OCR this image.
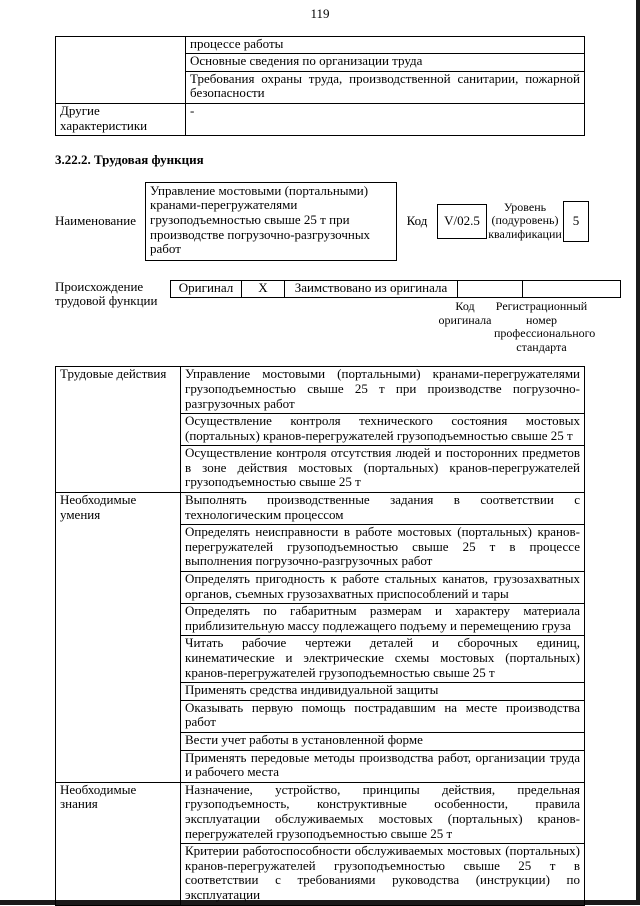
119
	процессе работы
	Основные сведения по организации труда
	Требования охраны труда, производственной санитарии, пожарной безопасности
Другие характеристики	-
3.22.2. Трудовая функция
Наименование
Управление мостовыми (портальными) кранами-перегружателями грузоподъемностью свыше 25 т при производстве погрузочно-разгрузочных работ
Код	V/02.5
Уровень (подуровень) квалификации
5
Происхождение трудовой функции
Оригинал	X	Заимствовано из оригинала		
Код оригинала
Регистрационный номер профессионального стандарта
Трудовые действия	Управление мостовыми (портальными) кранами-перегружателями грузоподъемностью свыше 25 т при производстве погрузочно-разгрузочных работ
	Осуществление контроля технического состояния мостовых (портальных) кранов-перегружателей грузоподъемностью свыше 25 т
	Осуществление контроля отсутствия людей и посторонних предметов в зоне действия мостовых (портальных) кранов-перегружателей грузоподъемностью свыше 25 т
Необходимые умения	Выполнять производственные задания в соответствии с технологическим процессом
	Определять неисправности в работе мостовых (портальных) кранов-перегружателей грузоподъемностью свыше 25 т в процессе выполнения погрузочно-разгрузочных работ
	Определять пригодность к работе стальных канатов, грузозахватных органов, съемных грузозахватных приспособлений и тары
	Определять по габаритным размерам и характеру материала приблизительную массу подлежащего подъему и перемещению груза
	Читать рабочие чертежи деталей и сборочных единиц, кинематические и электрические схемы мостовых (портальных) кранов-перегружателей грузоподъемностью свыше 25 т
	Применять средства индивидуальной защиты
	Оказывать первую помощь пострадавшим на месте производства работ
	Вести учет работы в установленной форме
	Применять передовые методы производства работ, организации труда и рабочего места
Необходимые знания	Назначение, устройство, принципы действия, предельная грузоподъемность, конструктивные особенности, правила эксплуатации обслуживаемых мостовых (портальных) кранов-перегружателей грузоподъемностью свыше 25 т
	Критерии работоспособности обслуживаемых мостовых (портальных) кранов-перегружателей грузоподъемностью свыше 25 т в соответствии с требованиями руководства (инструкции) по эксплуатации
